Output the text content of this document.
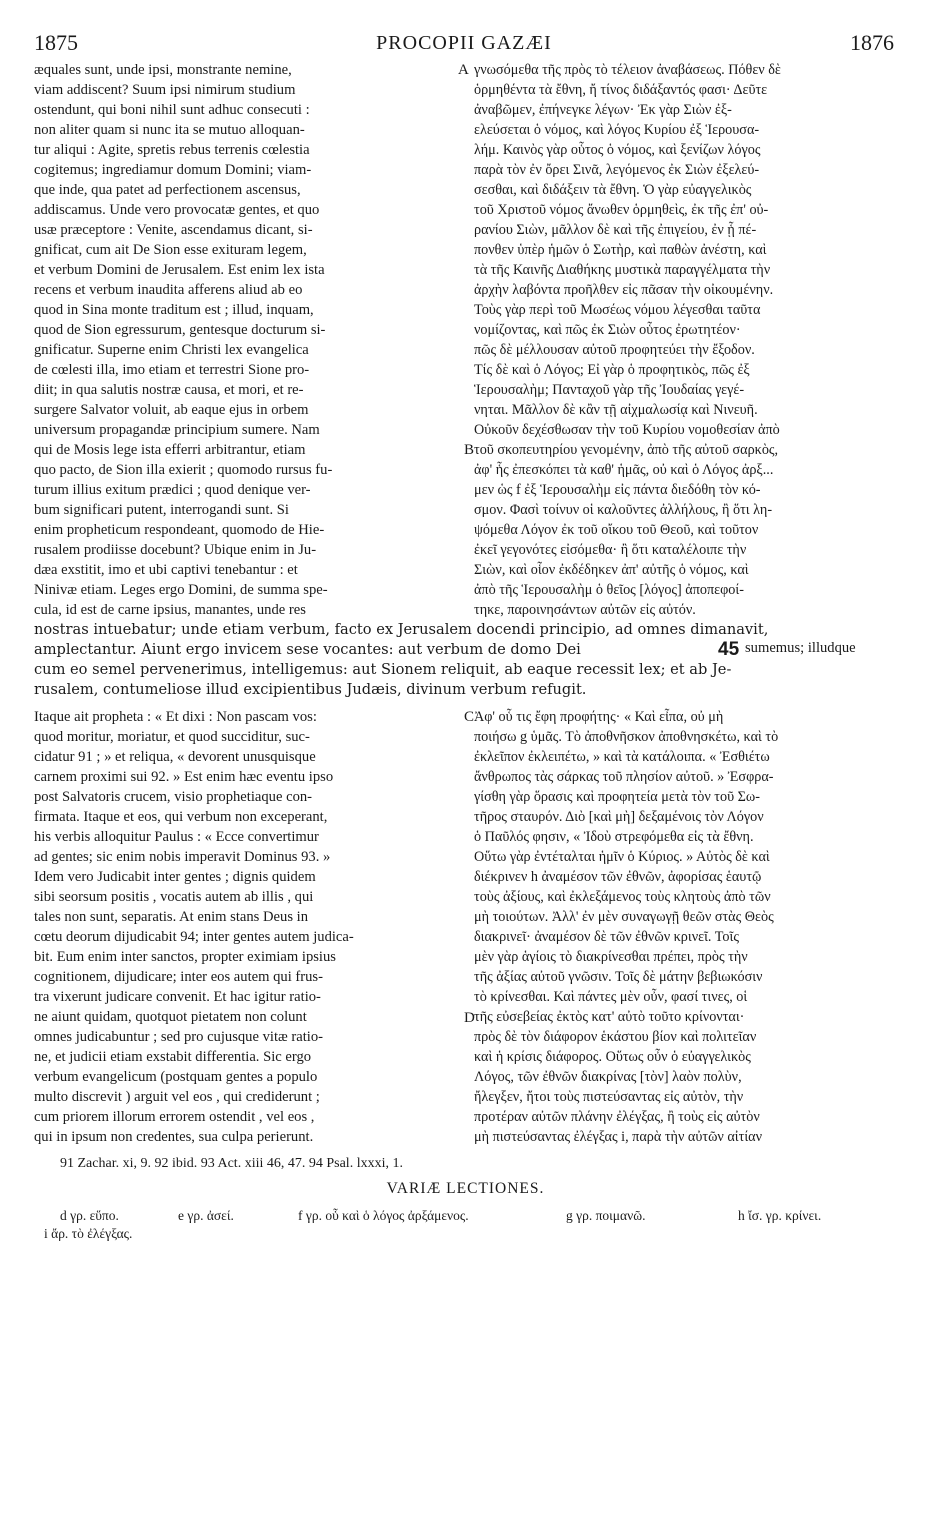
1875	PROCOPII GAZÆI	1876
æquales sunt, unde ipsi, monstrante nemine,
viam addiscent? Suum ipsi nimirum studium
ostendunt, qui boni nihil sunt adhuc consecuti :
non aliter quam si nunc ita se mutuo alloquan-
tur aliqui : Agite, spretis rebus terrenis cœlestia
cogitemus; ingrediamur domum Domini; viam-
que inde, qua patet ad perfectionem ascensus,
addiscamus. Unde vero provocatæ gentes, et quo
usæ præceptore : Venite, ascendamus dicant, si-
gnificat, cum ait De Sion esse exituram legem,
et verbum Domini de Jerusalem. Est enim lex ista
recens et verbum inaudita afferens aliud ab eo
quod in Sina monte traditum est ; illud, inquam,
quod de Sion egressurum, gentesque docturum si-
gnificatur. Superne enim Christi lex evangelica
de cœlesti illa, imo etiam et terrestri Sione pro-
diit; in qua salutis nostræ causa, et mori, et re-
surgere Salvator voluit, ab eaque ejus in orbem
universum propagandæ principium sumere. Nam
qui de Mosis lege ista efferri arbitrantur, etiam
quo pacto, de Sion illa exierit ; quomodo rursus fu-
turum illius exitum prædici ; quod denique ver-
bum significari putent, interrogandi sunt. Si
enim propheticum respondeant, quomodo de Hie-
rusalem prodiisse docebunt? Ubique enim in Ju-
dæa exstitit, imo et ubi captivi tenebantur : et
Ninivæ etiam. Leges ergo Domini, de summa spe-
cula, id est de carne ipsius, manantes, unde res
γνωσόμεθα τῆς πρὸς τὸ τέλειον ἀναβάσεως. Πόθεν δὲ
ὁρμηθέντα τὰ ἔθνη, ἤ τίνος διδάξαντός φασι· Δεῦτε
ἀναβῶμεν, ἐπήνεγκε λέγων· Ἐκ γὰρ Σιὼν ἐξ-
ελεύσεται ὁ νόμος, καὶ λόγος Κυρίου ἐξ Ἱερουσα-
λήμ. Καινὸς γὰρ οὗτος ὁ νόμος, καὶ ξενίζων λόγος
παρὰ τὸν ἐν ὄρει Σινᾶ, λεγόμενος ἐκ Σιὼν ἐξελεύ-
σεσθαι, καὶ διδάξειν τὰ ἔθνη. Ὁ γὰρ εὐαγγελικὸς
τοῦ Χριστοῦ νόμος ἄνωθεν ὁρμηθεὶς, ἐκ τῆς ἐπ' οὐ-
ρανίου Σιὼν, μᾶλλον δὲ καὶ τῆς ἐπιγείου, ἐν ᾗ πέ-
πονθεν ὑπὲρ ἡμῶν ὁ Σωτὴρ, καὶ παθὼν ἀνέστη, καὶ
τὰ τῆς Καινῆς Διαθήκης μυστικὰ παραγγέλματα τὴν
ἀρχὴν λαβόντα προῆλθεν εἰς πᾶσαν τὴν οἰκουμένην.
Τοὺς γὰρ περὶ τοῦ Μωσέως νόμου λέγεσθαι ταῦτα
νομίζοντας, καὶ πῶς ἐκ Σιὼν οὗτος ἐρωτητέον·
πῶς δὲ μέλλουσαν αὐτοῦ προφητεύει τὴν ἔξοδον.
Τίς δὲ καὶ ὁ Λόγος; Εἰ γὰρ ὁ προφητικὸς, πῶς ἐξ
Ἱερουσαλὴμ; Πανταχοῦ γὰρ τῆς Ἰουδαίας γεγέ-
νηται. Μᾶλλον δὲ κἂν τῇ αἰχμαλωσίᾳ καὶ Νινευῆ.
Οὐκοῦν δεχέσθωσαν τὴν τοῦ Κυρίου νομοθεσίαν ἀπὸ
τοῦ σκοπευτηρίου γενομένην, ἀπὸ τῆς αὐτοῦ σαρκὸς,
ἀφ' ἧς ἐπεσκόπει τὰ καθ' ἡμᾶς, οὐ καὶ ὁ Λόγος ἀρξ...
μεν ὡς f ἐξ Ἱερουσαλὴμ εἰς πάντα διεδόθη τὸν κό-
σμον. Φασὶ τοίνυν οἱ καλοῦντες ἀλλήλους, ἢ ὅτι λη-
ψόμεθα Λόγον ἐκ τοῦ οἴκου τοῦ Θεοῦ, καὶ τοῦτον
ἐκεῖ γεγονότες εἰσόμεθα· ἢ ὅτι καταλέλοιπε τὴν
Σιὼν, καὶ οἷον ἐκδέδηκεν ἀπ' αὐτῆς ὁ νόμος, καὶ
ἀπὸ τῆς Ἱερουσαλὴμ ὁ θεῖος [λόγος] ἀποπεφοί-
τηκε, παροινησάντων αὐτῶν εἰς αὐτόν.
A
B
nostras intuebatur; unde etiam verbum, facto ex Jerusalem docendi principio, ad omnes dimanavit,
amplectantur. Aiunt ergo invicem sese vocantes: aut verbum de domo Dei
cum eo semel pervenerimus, intelligemus: aut Sionem reliquit, ab eaque recessit lex; et ab Je-
rusalem, contumeliose illud excipientibus Judæis, divinum verbum refugit.
45 sumemus; illudque
Itaque ait propheta : « Et dixi : Non pascam vos:
quod moritur, moriatur, et quod succiditur, suc-
cidatur 91 ; » et reliqua, « devorent unusquisque
carnem proximi sui 92. » Est enim hæc eventu ipso
post Salvatoris crucem, visio prophetiaque con-
firmata. Itaque et eos, qui verbum non exceperant,
his verbis alloquitur Paulus : « Ecce convertimur
ad gentes; sic enim nobis imperavit Dominus 93. »
Idem vero Judicabit inter gentes ; dignis quidem
sibi seorsum positis , vocatis autem ab illis , qui
tales non sunt, separatis. At enim stans Deus in
cœtu deorum dijudicabit 94; inter gentes autem judica-
bit. Eum enim inter sanctos, propter eximiam ipsius
cognitionem, dijudicare; inter eos autem qui frus-
tra vixerunt judicare convenit. Et hac igitur ratio-
ne aiunt quidam, quotquot pietatem non colunt
omnes judicabuntur ; sed pro cujusque vitæ ratio-
ne, et judicii etiam exstabit differentia. Sic ergo
verbum evangelicum (postquam gentes a populo
multo discrevit ) arguit vel eos , qui crediderunt ;
cum priorem illorum errorem ostendit , vel eos ,
qui in ipsum non credentes, sua culpa perierunt.
Ἀφ' οὗ τις ἔφη προφήτης· « Καὶ εἶπα, οὐ μὴ
ποιήσω g ὑμᾶς. Τὸ ἀποθνῆσκον ἀποθνησκέτω, καὶ τὸ
ἐκλεῖπον ἐκλειπέτω, » καὶ τὰ κατάλοιπα. « Ἐσθιέτω
ἄνθρωπος τὰς σάρκας τοῦ πλησίον αὐτοῦ. » Ἐσφρα-
γίσθη γὰρ ὅρασις καὶ προφητεία μετὰ τὸν τοῦ Σω-
τῆρος σταυρόν. Διὸ [καὶ μὴ] δεξαμένοις τὸν Λόγον
ὁ Παῦλός φησιν, « Ἰδοὺ στρεφόμεθα εἰς τὰ ἔθνη.
Οὕτω γὰρ ἐντέταλται ἡμῖν ὁ Κύριος. » Αὐτὸς δὲ καὶ
διέκρινεν h ἀναμέσον τῶν ἐθνῶν, ἀφορίσας ἑαυτῷ
τοὺς ἀξίους, καὶ ἐκλεξάμενος τοὺς κλητοὺς ἀπὸ τῶν
μὴ τοιούτων. Ἀλλ' ἐν μὲν συναγωγῇ θεῶν στὰς Θεὸς
διακρινεῖ· ἀναμέσον δὲ τῶν ἐθνῶν κρινεῖ. Τοῖς
μὲν γὰρ ἁγίοις τὸ διακρίνεσθαι πρέπει, πρὸς τὴν
τῆς ἀξίας αὐτοῦ γνῶσιν. Τοῖς δὲ μάτην βεβιωκόσιν
τὸ κρίνεσθαι. Καὶ πάντες μὲν οὖν, φασί τινες, οἱ
τῆς εὐσεβείας ἐκτὸς κατ' αὐτὸ τοῦτο κρίνονται·
πρὸς δὲ τὸν διάφορον ἑκάστου βίον καὶ πολιτεῖαν
καὶ ἡ κρίσις διάφορος. Οὕτως οὖν ὁ εὐαγγελικὸς
Λόγος, τῶν ἐθνῶν διακρίνας [τὸν] λαὸν πολὺν,
ἤλεγξεν, ἤτοι τοὺς πιστεύσαντας εἰς αὐτὸν, τὴν
προτέραν αὐτῶν πλάνην ἐλέγξας, ἢ τοὺς εἰς αὐτὸν
μὴ πιστεύσαντας ἐλέγξας i, παρὰ τὴν αὐτῶν αἰτίαν
C
D
91 Zachar. xi, 9. 92 ibid. 93 Act. xiii 46, 47. 94 Psal. lxxxi, 1.
VARIÆ LECTIONES.
d γρ. εὕπο.	e γρ. ἀσεί.	f γρ. οὗ καὶ ὁ λόγος ἀρξάμενος.	g γρ. ποιμανῶ.	h ἴσ. γρ. κρίνει.
i ἄρ. τὸ ἐλέγξας.
